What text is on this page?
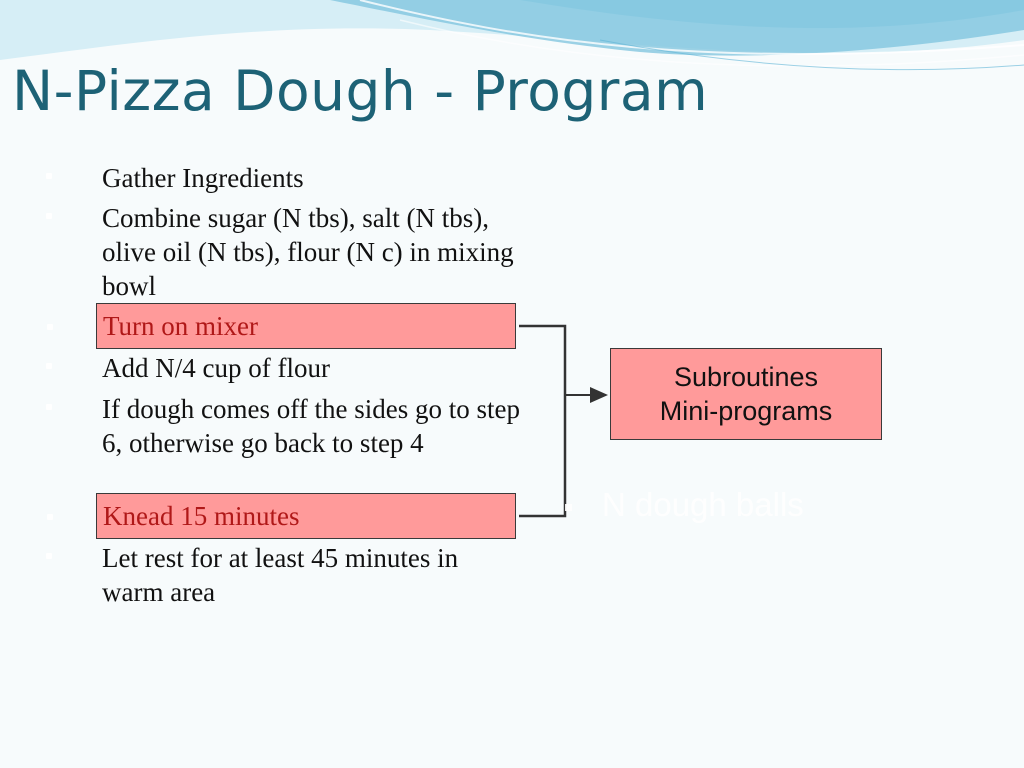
N-Pizza Dough - Program
Gather Ingredients
Combine sugar (N tbs), salt (N tbs), olive oil (N tbs), flour (N c) in mixing bowl
Turn on mixer
Add N/4 cup of flour
If dough comes off the sides go to step 6, otherwise go back to step 4
Knead 15 minutes
Let rest for at least 45 minutes in warm area
Subroutines
Mini-programs
N dough balls
